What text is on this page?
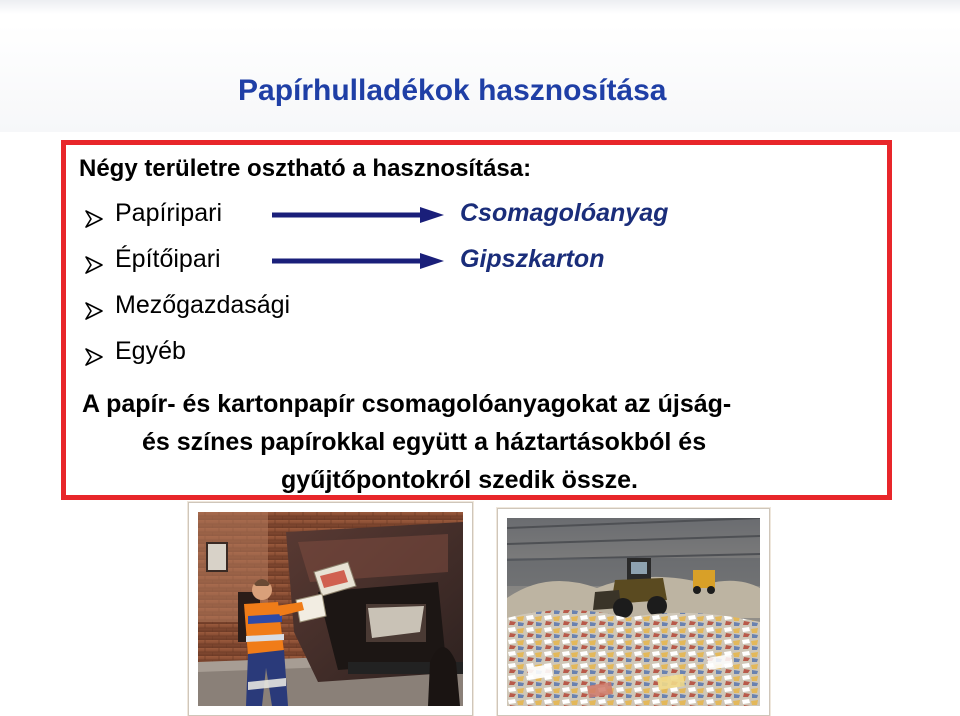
Papírhulladékok hasznosítása

Négy területre osztható a hasznosítása:

Papíripari	Csomagolóanyag
Építőipari	Gipszkarton
Mezőgazdasági
Egyéb

A papír- és kartonpapír csomagolóanyagokat az újság-
és színes papírokkal együtt a háztartásokból és
gyűjtőpontokról szedik össze.
